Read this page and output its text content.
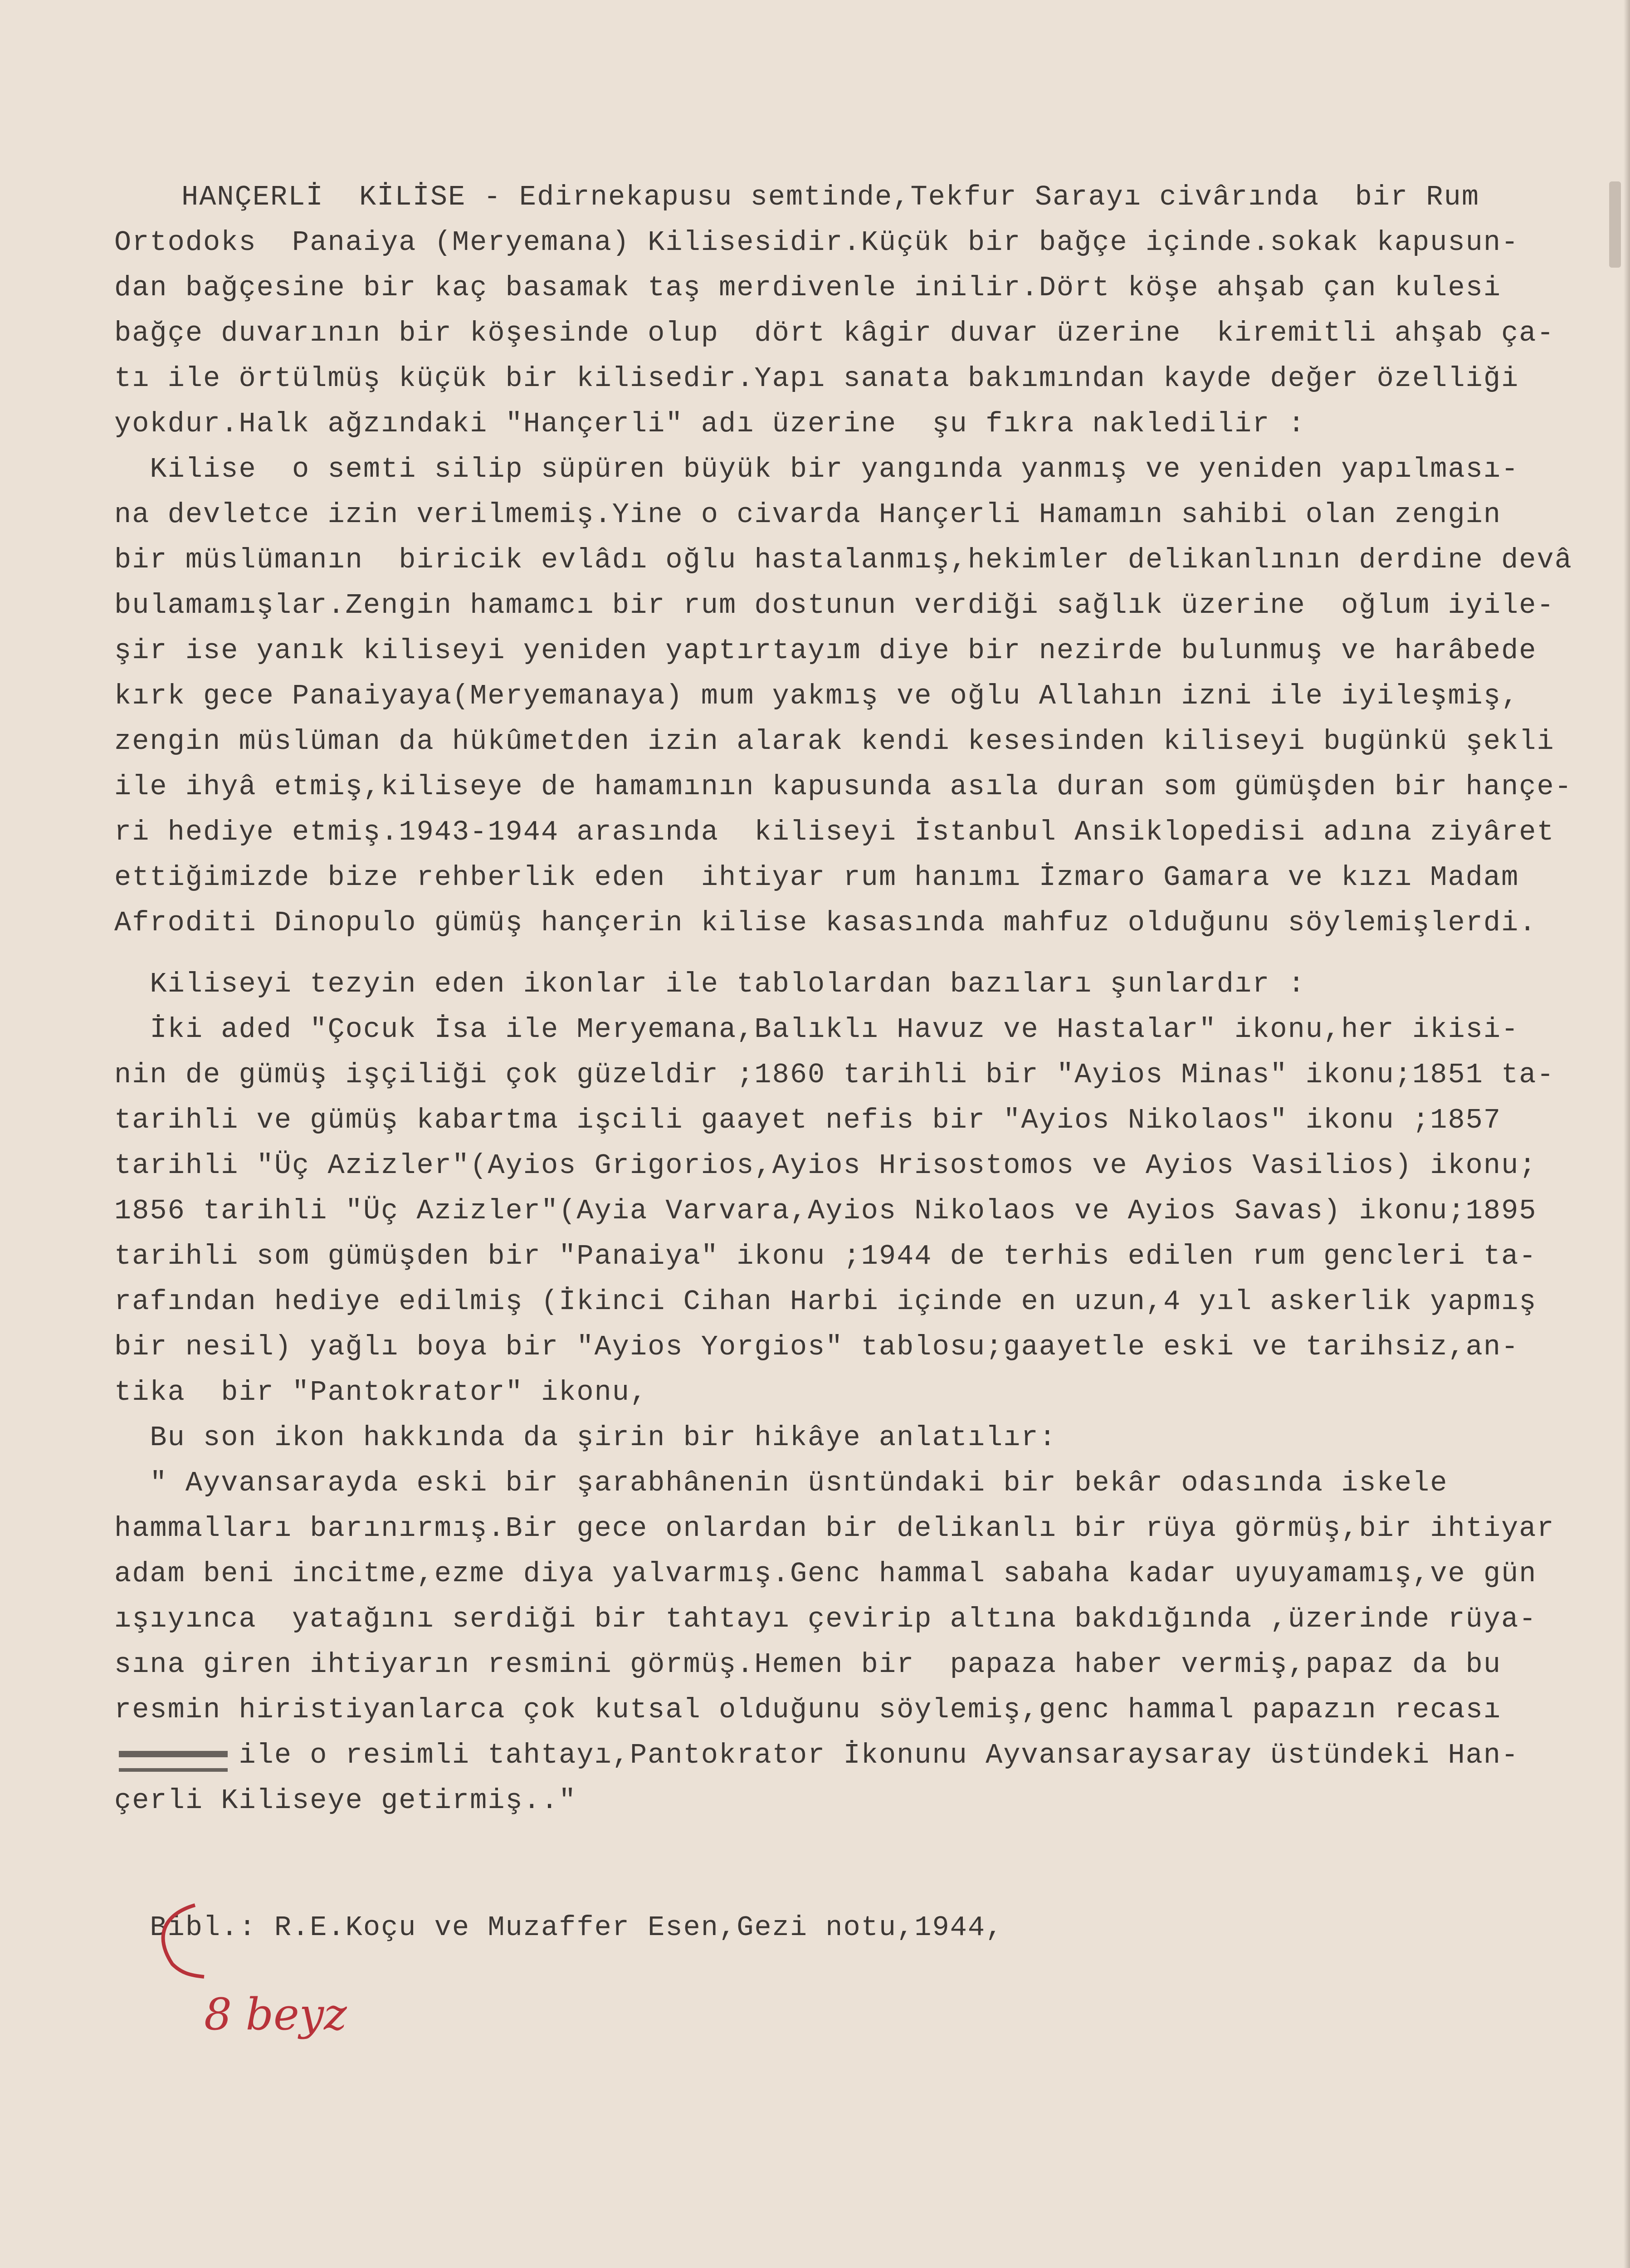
HANÇERLİ  KİLİSE - Edirnekapusu semtinde,Tekfur Sarayı civârında  bir Rum
Ortodoks  Panaiya (Meryemana) Kilisesidir.Küçük bir bağçe içinde.sokak kapusun-
dan bağçesine bir kaç basamak taş merdivenle inilir.Dört köşe ahşab çan kulesi
bağçe duvarının bir köşesinde olup  dört kâgir duvar üzerine  kiremitli ahşab ça-
tı ile örtülmüş küçük bir kilisedir.Yapı sanata bakımından kayde değer özelliği
yokdur.Halk ağzındaki "Hançerli" adı üzerine  şu fıkra nakledilir :
Kilise  o semti silip süpüren büyük bir yangında yanmış ve yeniden yapılması-
na devletce izin verilmemiş.Yine o civarda Hançerli Hamamın sahibi olan zengin
bir müslümanın  biricik evlâdı oğlu hastalanmış,hekimler delikanlının derdine devâ
bulamamışlar.Zengin hamamcı bir rum dostunun verdiği sağlık üzerine  oğlum iyile-
şir ise yanık kiliseyi yeniden yaptırtayım diye bir nezirde bulunmuş ve harâbede
kırk gece Panaiyaya(Meryemanaya) mum yakmış ve oğlu Allahın izni ile iyileşmiş,
zengin müslüman da hükûmetden izin alarak kendi kesesinden kiliseyi bugünkü şekli
ile ihyâ etmiş,kiliseye de hamamının kapusunda asıla duran som gümüşden bir hançe-
ri hediye etmiş.1943-1944 arasında  kiliseyi İstanbul Ansiklopedisi adına ziyâret
ettiğimizde bize rehberlik eden  ihtiyar rum hanımı İzmaro Gamara ve kızı Madam
Afroditi Dinopulo gümüş hançerin kilise kasasında mahfuz olduğunu söylemişlerdi.
Kiliseyi tezyin eden ikonlar ile tablolardan bazıları şunlardır :
İki aded "Çocuk İsa ile Meryemana,Balıklı Havuz ve Hastalar" ikonu,her ikisi-
nin de gümüş işçiliği çok güzeldir ;1860 tarihli bir "Ayios Minas" ikonu;1851 ta-
tarihli ve gümüş kabartma işcili gaayet nefis bir "Ayios Nikolaos" ikonu ;1857
tarihli "Üç Azizler"(Ayios Grigorios,Ayios Hrisostomos ve Ayios Vasilios) ikonu;
1856 tarihli "Üç Azizler"(Ayia Varvara,Ayios Nikolaos ve Ayios Savas) ikonu;1895
tarihli som gümüşden bir "Panaiya" ikonu ;1944 de terhis edilen rum gencleri ta-
rafından hediye edilmiş (İkinci Cihan Harbi içinde en uzun,4 yıl askerlik yapmış
bir nesil) yağlı boya bir "Ayios Yorgios" tablosu;gaayetle eski ve tarihsiz,an-
tika  bir "Pantokrator" ikonu,
Bu son ikon hakkında da şirin bir hikâye anlatılır:
" Ayvansarayda eski bir şarabhânenin üsntündaki bir bekâr odasında iskele
hammalları barınırmış.Bir gece onlardan bir delikanlı bir rüya görmüş,bir ihtiyar
adam beni incitme,ezme diya yalvarmış.Genc hammal sabaha kadar uyuyamamış,ve gün
ışıyınca  yatağını serdiği bir tahtayı çevirip altına bakdığında ,üzerinde rüya-
sına giren ihtiyarın resmini görmüş.Hemen bir  papaza haber vermiş,papaz da bu
resmin hiristiyanlarca çok kutsal olduğunu söylemiş,genc hammal papazın recası
ile o resimli tahtayı,Pantokrator İkonunu Ayvansaraysaray üstündeki Han-
çerli Kiliseye getirmiş.."
Bibl.: R.E.Koçu ve Muzaffer Esen,Gezi notu,1944,
8 beyz
